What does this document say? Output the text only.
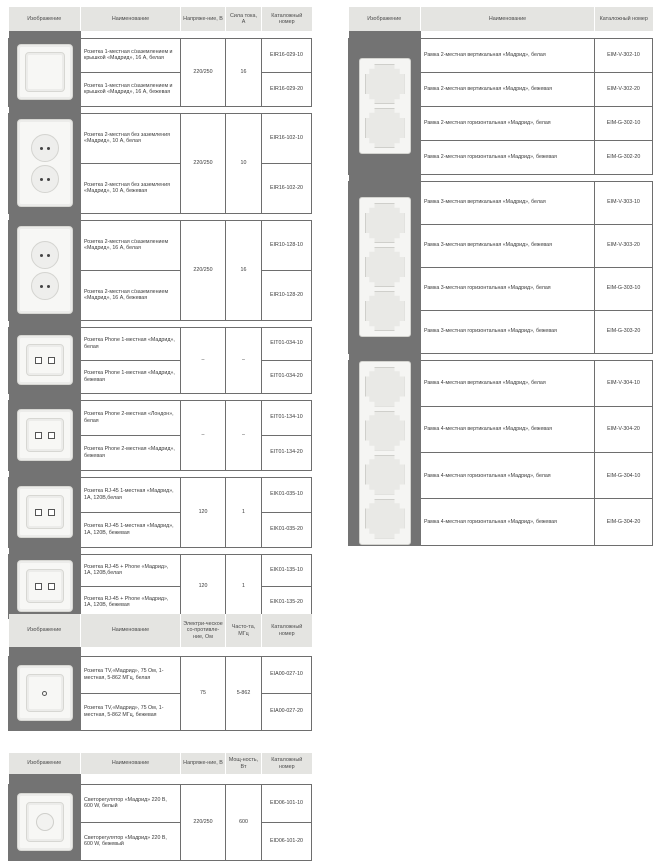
Изображение	Наименование	Напряже-ние, В	Сила тока, А	Каталожный номер

	Розетка 1-местная с/заземлением и крышкой «Мадрид», 16 А, белая	220/250	16	EIR16-029-10
	Розетка 1-местная с/заземлением и крышкой «Мадрид», 16 А, бежевая			EIR16-029-20

	Розетка 2-местная без заземления «Мадрид», 10 А, белая	220/250	10	EIR16-102-10
	Розетка 2-местная без заземления «Мадрид», 10 А, бежевая			EIR16-102-20

	Розетка 2-местная с/заземлением «Мадрид», 16 А, белая	220/250	16	EIR10-128-10
	Розетка 2-местная с/заземлением «Мадрид», 16 А, бежевая			EIR10-128-20

	Розетка Phone 1-местная «Мадрид», белая	–	–	EIT01-034-10
	Розетка Phone 1-местная «Мадрид», бежевая			EIT01-034-20

	Розетка Phone 2-местная «Лондон», белая	–	–	EIT01-134-10
	Розетка Phone 2-местная «Мадрид», бежевая			EIT01-134-20

	Розетка RJ-45 1-местная «Мадрид», 1А, 120В,белая	120	1	EIK01-035-10
	Розетка RJ-45 1-местная «Мадрид», 1А, 120В, бежевая			EIK01-035-20

	Розетка RJ-45 + Phone «Мадрид», 1А, 120В,белая	120	1	EIK01-135-10
	Розетка RJ-45 + Phone «Мадрид», 1А, 120В, бежевая			EIK01-135-20
Изображение	Наименование	Электри-ческое со-противле-ние, Ом	Часто-та, МГц	Каталожный номер

	Розетка TV,«Мадрид», 75 Ом, 1-местная, 5-862 МГц, белая	75	5-862	EIA00-027-10
	Розетка TV,«Мадрид», 75 Ом, 1-местная, 5-862 МГц, бежевая			EIA00-027-20
Изображение	Наименование	Напряже-ние, В	Мощ-ность, Вт	Каталожный номер

	Светорегулятор «Мадрид» 220 В, 600 W, белый	220/250	600	EID06-101-10
	Светорегулятор «Мадрид» 220 В, 600 W, бежевый			EID06-101-20
Изображение	Наименование	Каталожный номер

	Рамка 2-местная вертикальная «Мадрид», белая	EIM-V-302-10
	Рамка 2-местная вертикальная «Мадрид», бежевая	EIM-V-302-20
	Рамка 2-местная горизонтальная «Мадрид», белая	EIM-G-302-10
	Рамка 2-местная горизонтальная «Мадрид», бежевая	EIM-G-302-20

	Рамка 3-местная вертикальная «Мадрид», белая	EIM-V-303-10
	Рамка 3-местная вертикальная «Мадрид», бежевая	EIM-V-303-20
	Рамка 3-местная горизонтальная «Мадрид», белая	EIM-G-303-10
	Рамка 3-местная горизонтальная «Мадрид», бежевая	EIM-G-303-20

	Рамка 4-местная вертикальная «Мадрид», белая	EIM-V-304-10
	Рамка 4-местная вертикальная «Мадрид», бежевая	EIM-V-304-20
	Рамка 4-местная горизонтальная «Мадрид», белая	EIM-G-304-10
	Рамка 4-местная горизонтальная «Мадрид», бежевая	EIM-G-304-20
